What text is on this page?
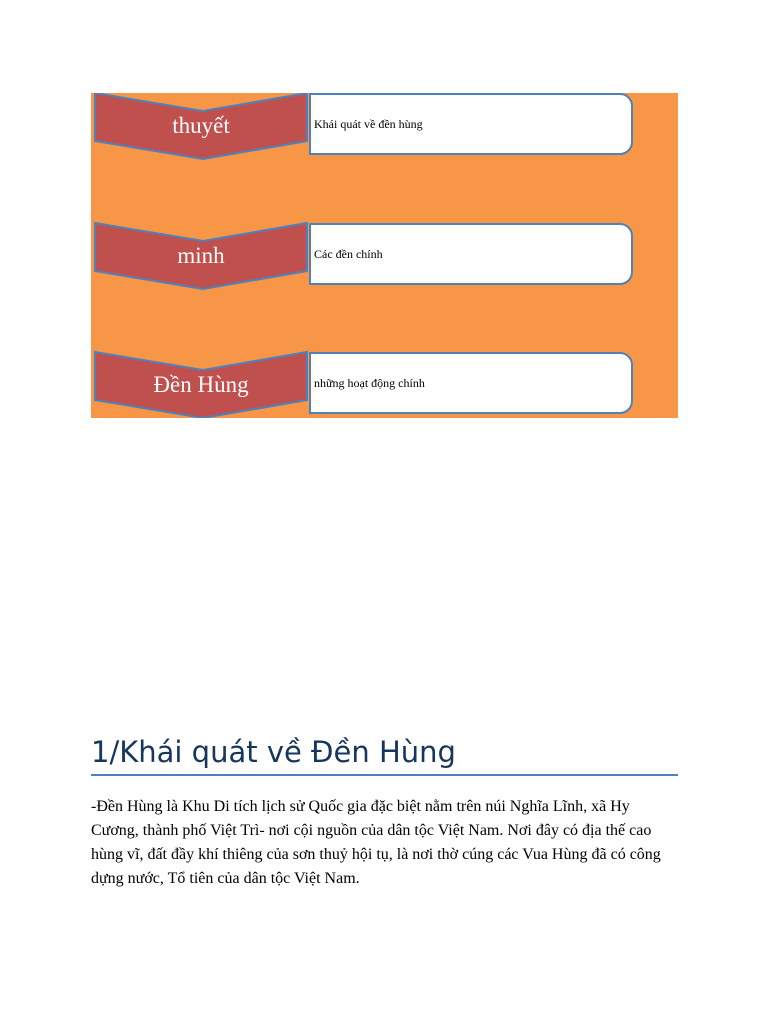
thuyết	Khái quát về đền hùng
minh	Các đền chính
Đền Hùng	những hoạt động chính
1/Khái quát về Đền Hùng

-Đền Hùng là Khu Di tích lịch sử Quốc gia đặc biệt nằm trên núi Nghĩa Lĩnh, xã Hy Cương, thành phố Việt Trì- nơi cội nguồn của dân tộc Việt Nam. Nơi đây có địa thế cao hùng vĩ, đất đầy khí thiêng của sơn thuỷ hội tụ, là nơi thờ cúng các Vua Hùng đã có công dựng nước, Tổ tiên của dân tộc Việt Nam.
